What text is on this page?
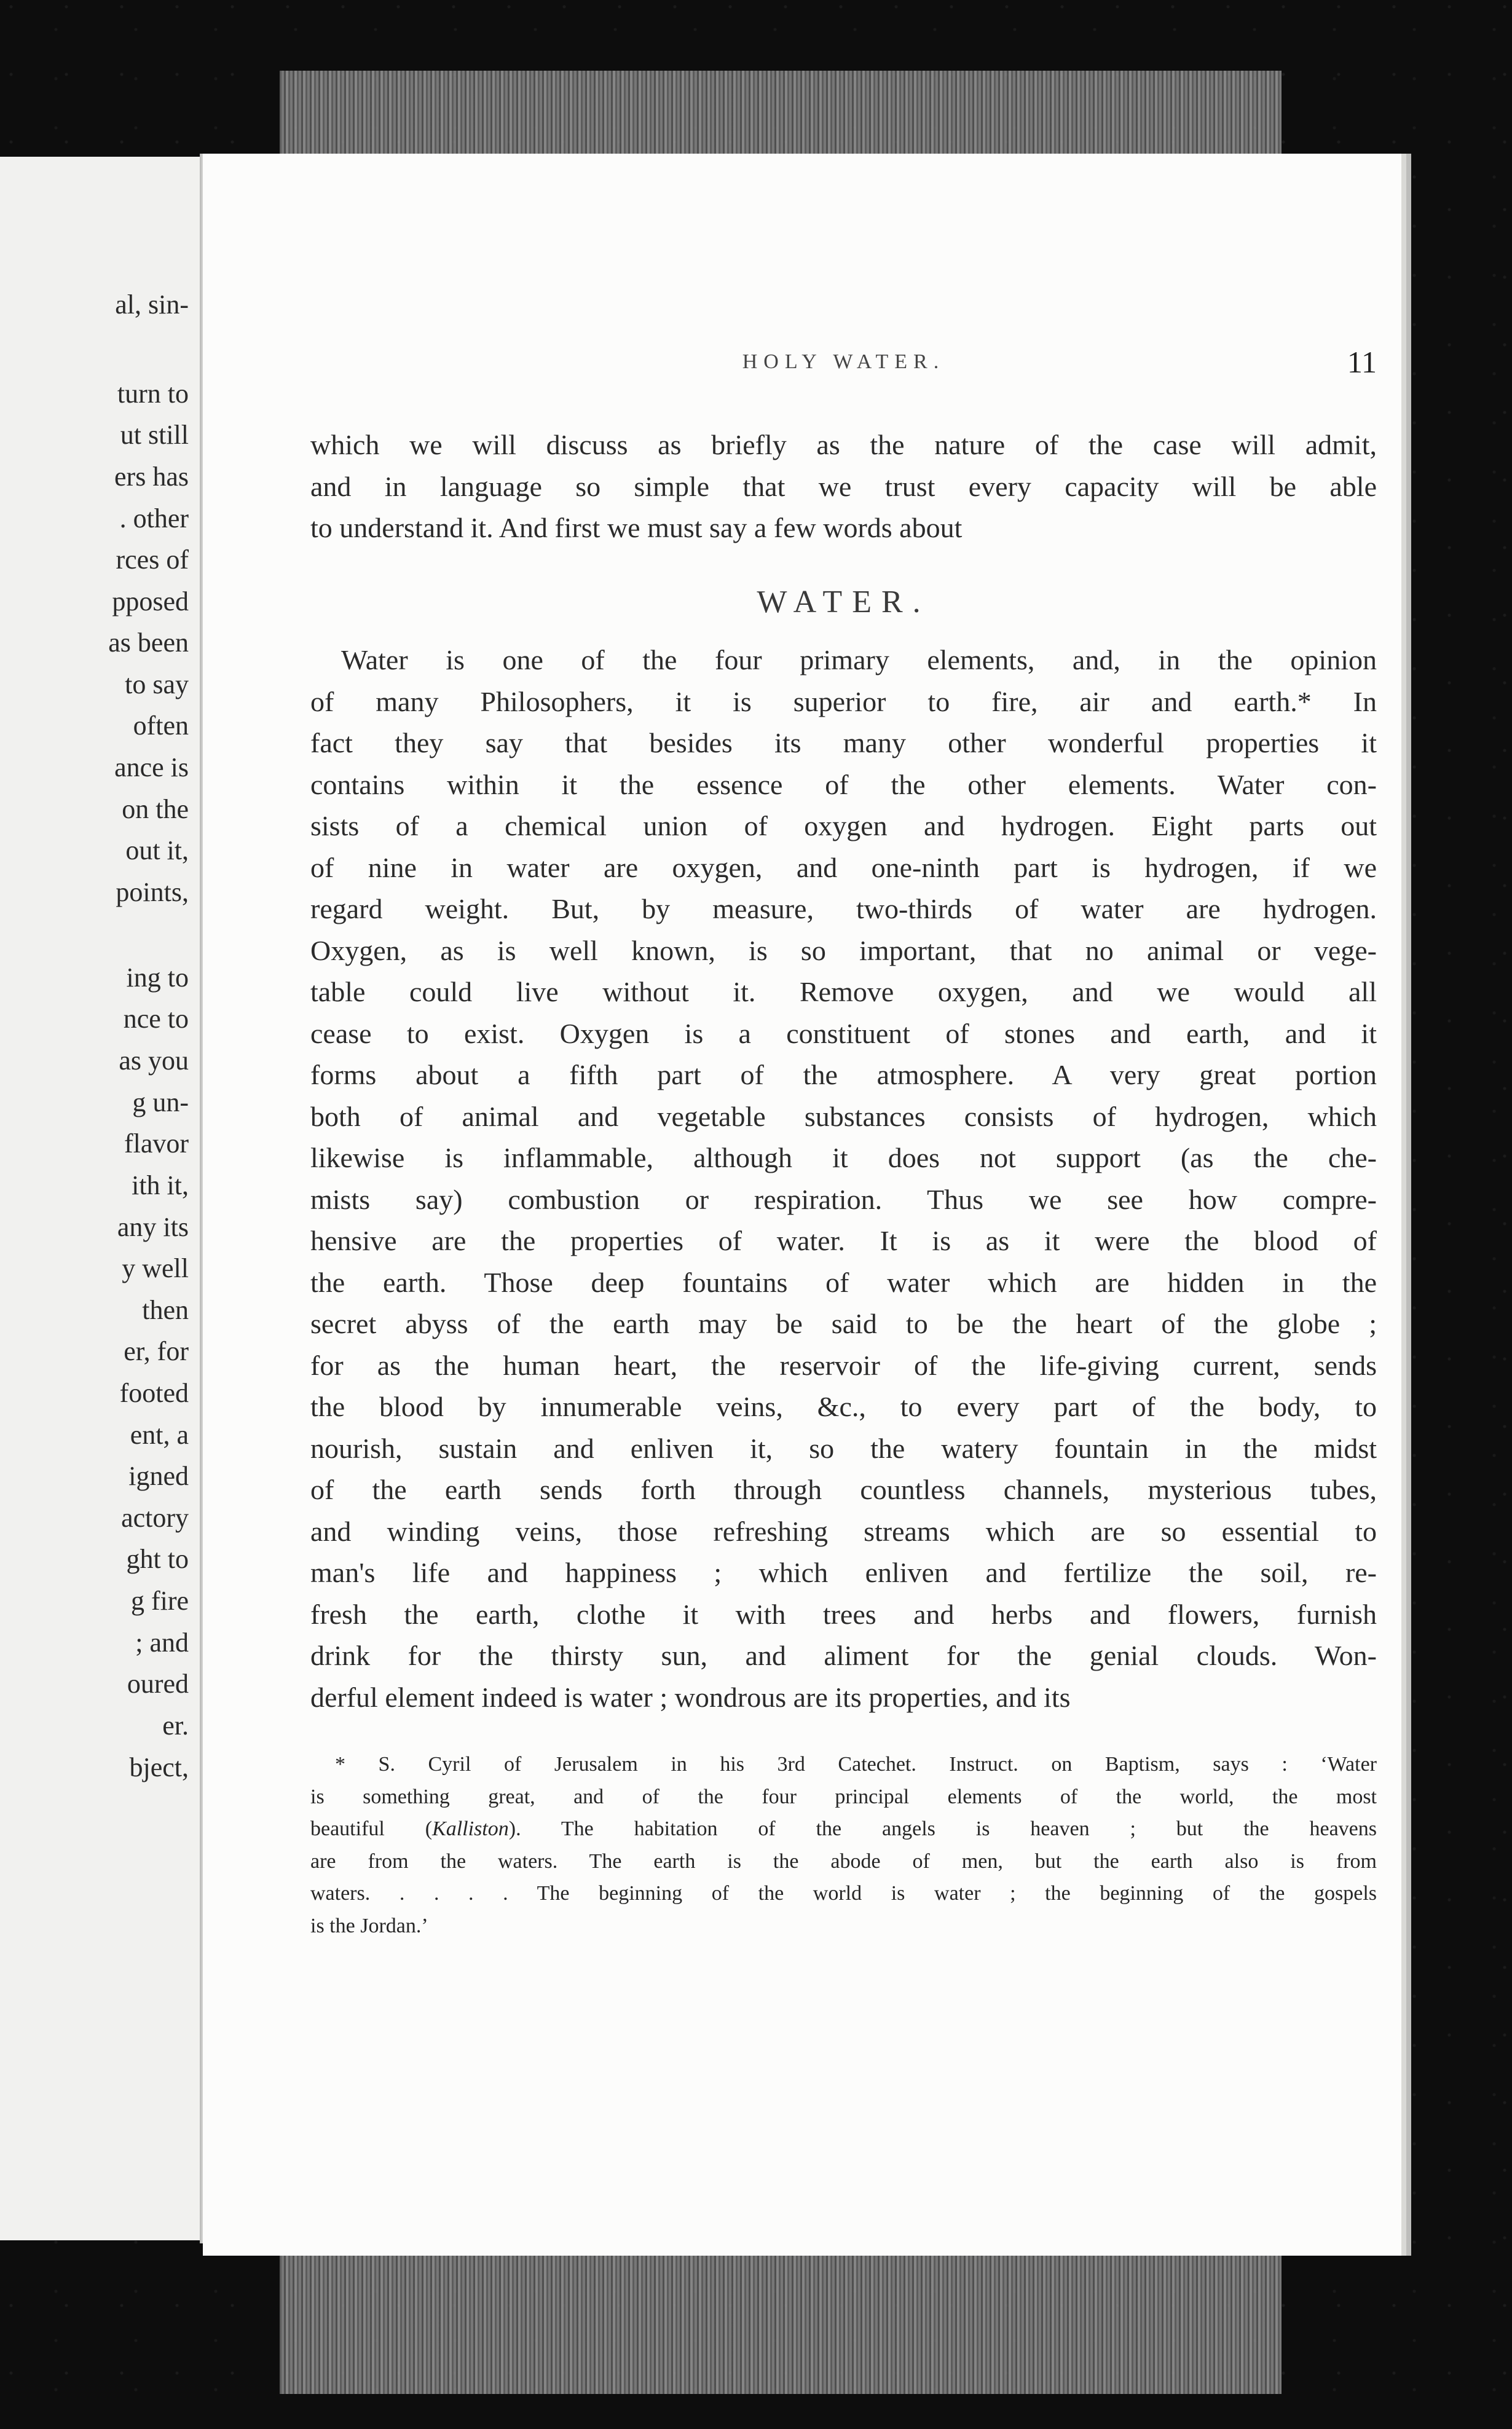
al, sin-
turn to
ut still
ers has
. other
rces of
pposed
as been
to say
often
ance is
on the
out it,
points,
ing to
nce to
as you
g un-
flavor
ith it,
any its
y well
then
er, for
footed
ent, a
igned
actory
ght to
g fire
; and
oured
er.
bject,
HOLY WATER.	11
which we will discuss as briefly as the nature of the case will admit,
and in language so simple that we trust every capacity will be able
to understand it. And first we must say a few words about
WATER.
Water is one of the four primary elements, and, in the opinion
of many Philosophers, it is superior to fire, air and earth.* In
fact they say that besides its many other wonderful properties it
contains within it the essence of the other elements. Water con-
sists of a chemical union of oxygen and hydrogen. Eight parts out
of nine in water are oxygen, and one-ninth part is hydrogen, if we
regard weight. But, by measure, two-thirds of water are hydrogen.
Oxygen, as is well known, is so important, that no animal or vege-
table could live without it. Remove oxygen, and we would all
cease to exist. Oxygen is a constituent of stones and earth, and it
forms about a fifth part of the atmosphere. A very great portion
both of animal and vegetable substances consists of hydrogen, which
likewise is inflammable, although it does not support (as the che-
mists say) combustion or respiration. Thus we see how compre-
hensive are the properties of water. It is as it were the blood of
the earth. Those deep fountains of water which are hidden in the
secret abyss of the earth may be said to be the heart of the globe ;
for as the human heart, the reservoir of the life-giving current, sends
the blood by innumerable veins, &c., to every part of the body, to
nourish, sustain and enliven it, so the watery fountain in the midst
of the earth sends forth through countless channels, mysterious tubes,
and winding veins, those refreshing streams which are so essential to
man's life and happiness ; which enliven and fertilize the soil, re-
fresh the earth, clothe it with trees and herbs and flowers, furnish
drink for the thirsty sun, and aliment for the genial clouds. Won-
derful element indeed is water ; wondrous are its properties, and its
* S. Cyril of Jerusalem in his 3rd Catechet. Instruct. on Baptism, says : ‘Water
is something great, and of the four principal elements of the world, the most
beautiful (Kalliston). The habitation of the angels is heaven ; but the heavens
are from the waters. The earth is the abode of men, but the earth also is from
waters. . . . . The beginning of the world is water ; the beginning of the gospels
is the Jordan.’
